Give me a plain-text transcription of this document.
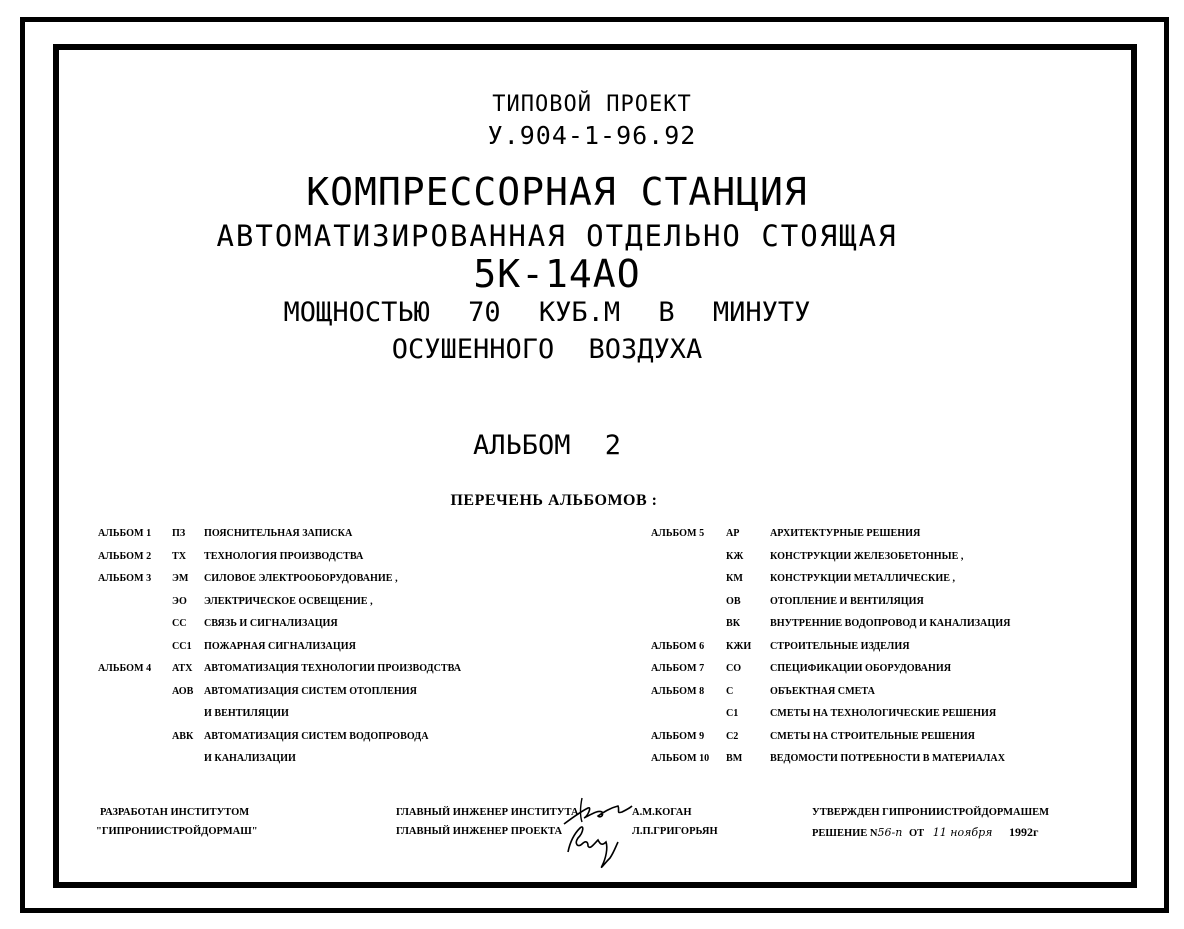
ТИПОВОЙ ПРОЕКТ
У.904-1-96.92
КОМПРЕССОРНАЯ СТАНЦИЯ
АВТОМАТИЗИРОВАННАЯ ОТДЕЛЬНО СТОЯЩАЯ
5К-14АО
МОЩНОСТЬЮ 70 КУБ.М В МИНУТУ
ОСУШЕННОГО ВОЗДУХА
АЛЬБОМ 2
ПЕРЕЧЕНЬ АЛЬБОМОВ :
АЛЬБОМ 1 ПЗ ПОЯСНИТЕЛЬНАЯ ЗАПИСКА
АЛЬБОМ 2 ТХ ТЕХНОЛОГИЯ ПРОИЗВОДСТВА
АЛЬБОМ 3 ЭМ СИЛОВОЕ ЭЛЕКТРООБОРУДОВАНИЕ ,
ЭО ЭЛЕКТРИЧЕСКОЕ ОСВЕЩЕНИЕ ,
СС СВЯЗЬ И СИГНАЛИЗАЦИЯ
СС1 ПОЖАРНАЯ СИГНАЛИЗАЦИЯ
АЛЬБОМ 4 АТХ АВТОМАТИЗАЦИЯ ТЕХНОЛОГИИ ПРОИЗВОДСТВА
АОВ АВТОМАТИЗАЦИЯ СИСТЕМ ОТОПЛЕНИЯ
И ВЕНТИЛЯЦИИ
АВК АВТОМАТИЗАЦИЯ СИСТЕМ ВОДОПРОВОДА
И КАНАЛИЗАЦИИ
АЛЬБОМ 5 АР	АРХИТЕКТУРНЫЕ РЕШЕНИЯ
КЖ КОНСТРУКЦИИ ЖЕЛЕЗОБЕТОННЫЕ ,
КМ КОНСТРУКЦИИ МЕТАЛЛИЧЕСКИЕ ,
ОВ	ОТОПЛЕНИЕ И ВЕНТИЛЯЦИЯ
ВК	ВНУТРЕННИЕ ВОДОПРОВОД И КАНАЛИЗАЦИЯ
АЛЬБОМ 6 КЖИ СТРОИТЕЛЬНЫЕ ИЗДЕЛИЯ
АЛЬБОМ 7 СО	СПЕЦИФИКАЦИИ ОБОРУДОВАНИЯ
АЛЬБОМ 8 С	ОБЪЕКТНАЯ СМЕТА
С1	СМЕТЫ НА ТЕХНОЛОГИЧЕСКИЕ РЕШЕНИЯ
АЛЬБОМ 9 С2	СМЕТЫ НА СТРОИТЕЛЬНЫЕ РЕШЕНИЯ
АЛЬБОМ 10 ВМ	ВЕДОМОСТИ ПОТРЕБНОСТИ В МАТЕРИАЛАХ
РАЗРАБОТАН ИНСТИТУТОМ
"ГИПРОНИИСТРОЙДОРМАШ"
ГЛАВНЫЙ ИНЖЕНЕР ИНСТИТУТА
ГЛАВНЫЙ ИНЖЕНЕР ПРОЕКТА
А.М.КОГАН
Л.П.ГРИГОРЬЯН
УТВЕРЖДЕН ГИПРОНИИСТРОЙДОРМАШЕМ
РЕШЕНИЕ N56-п ОТ 11 ноября 1992г
